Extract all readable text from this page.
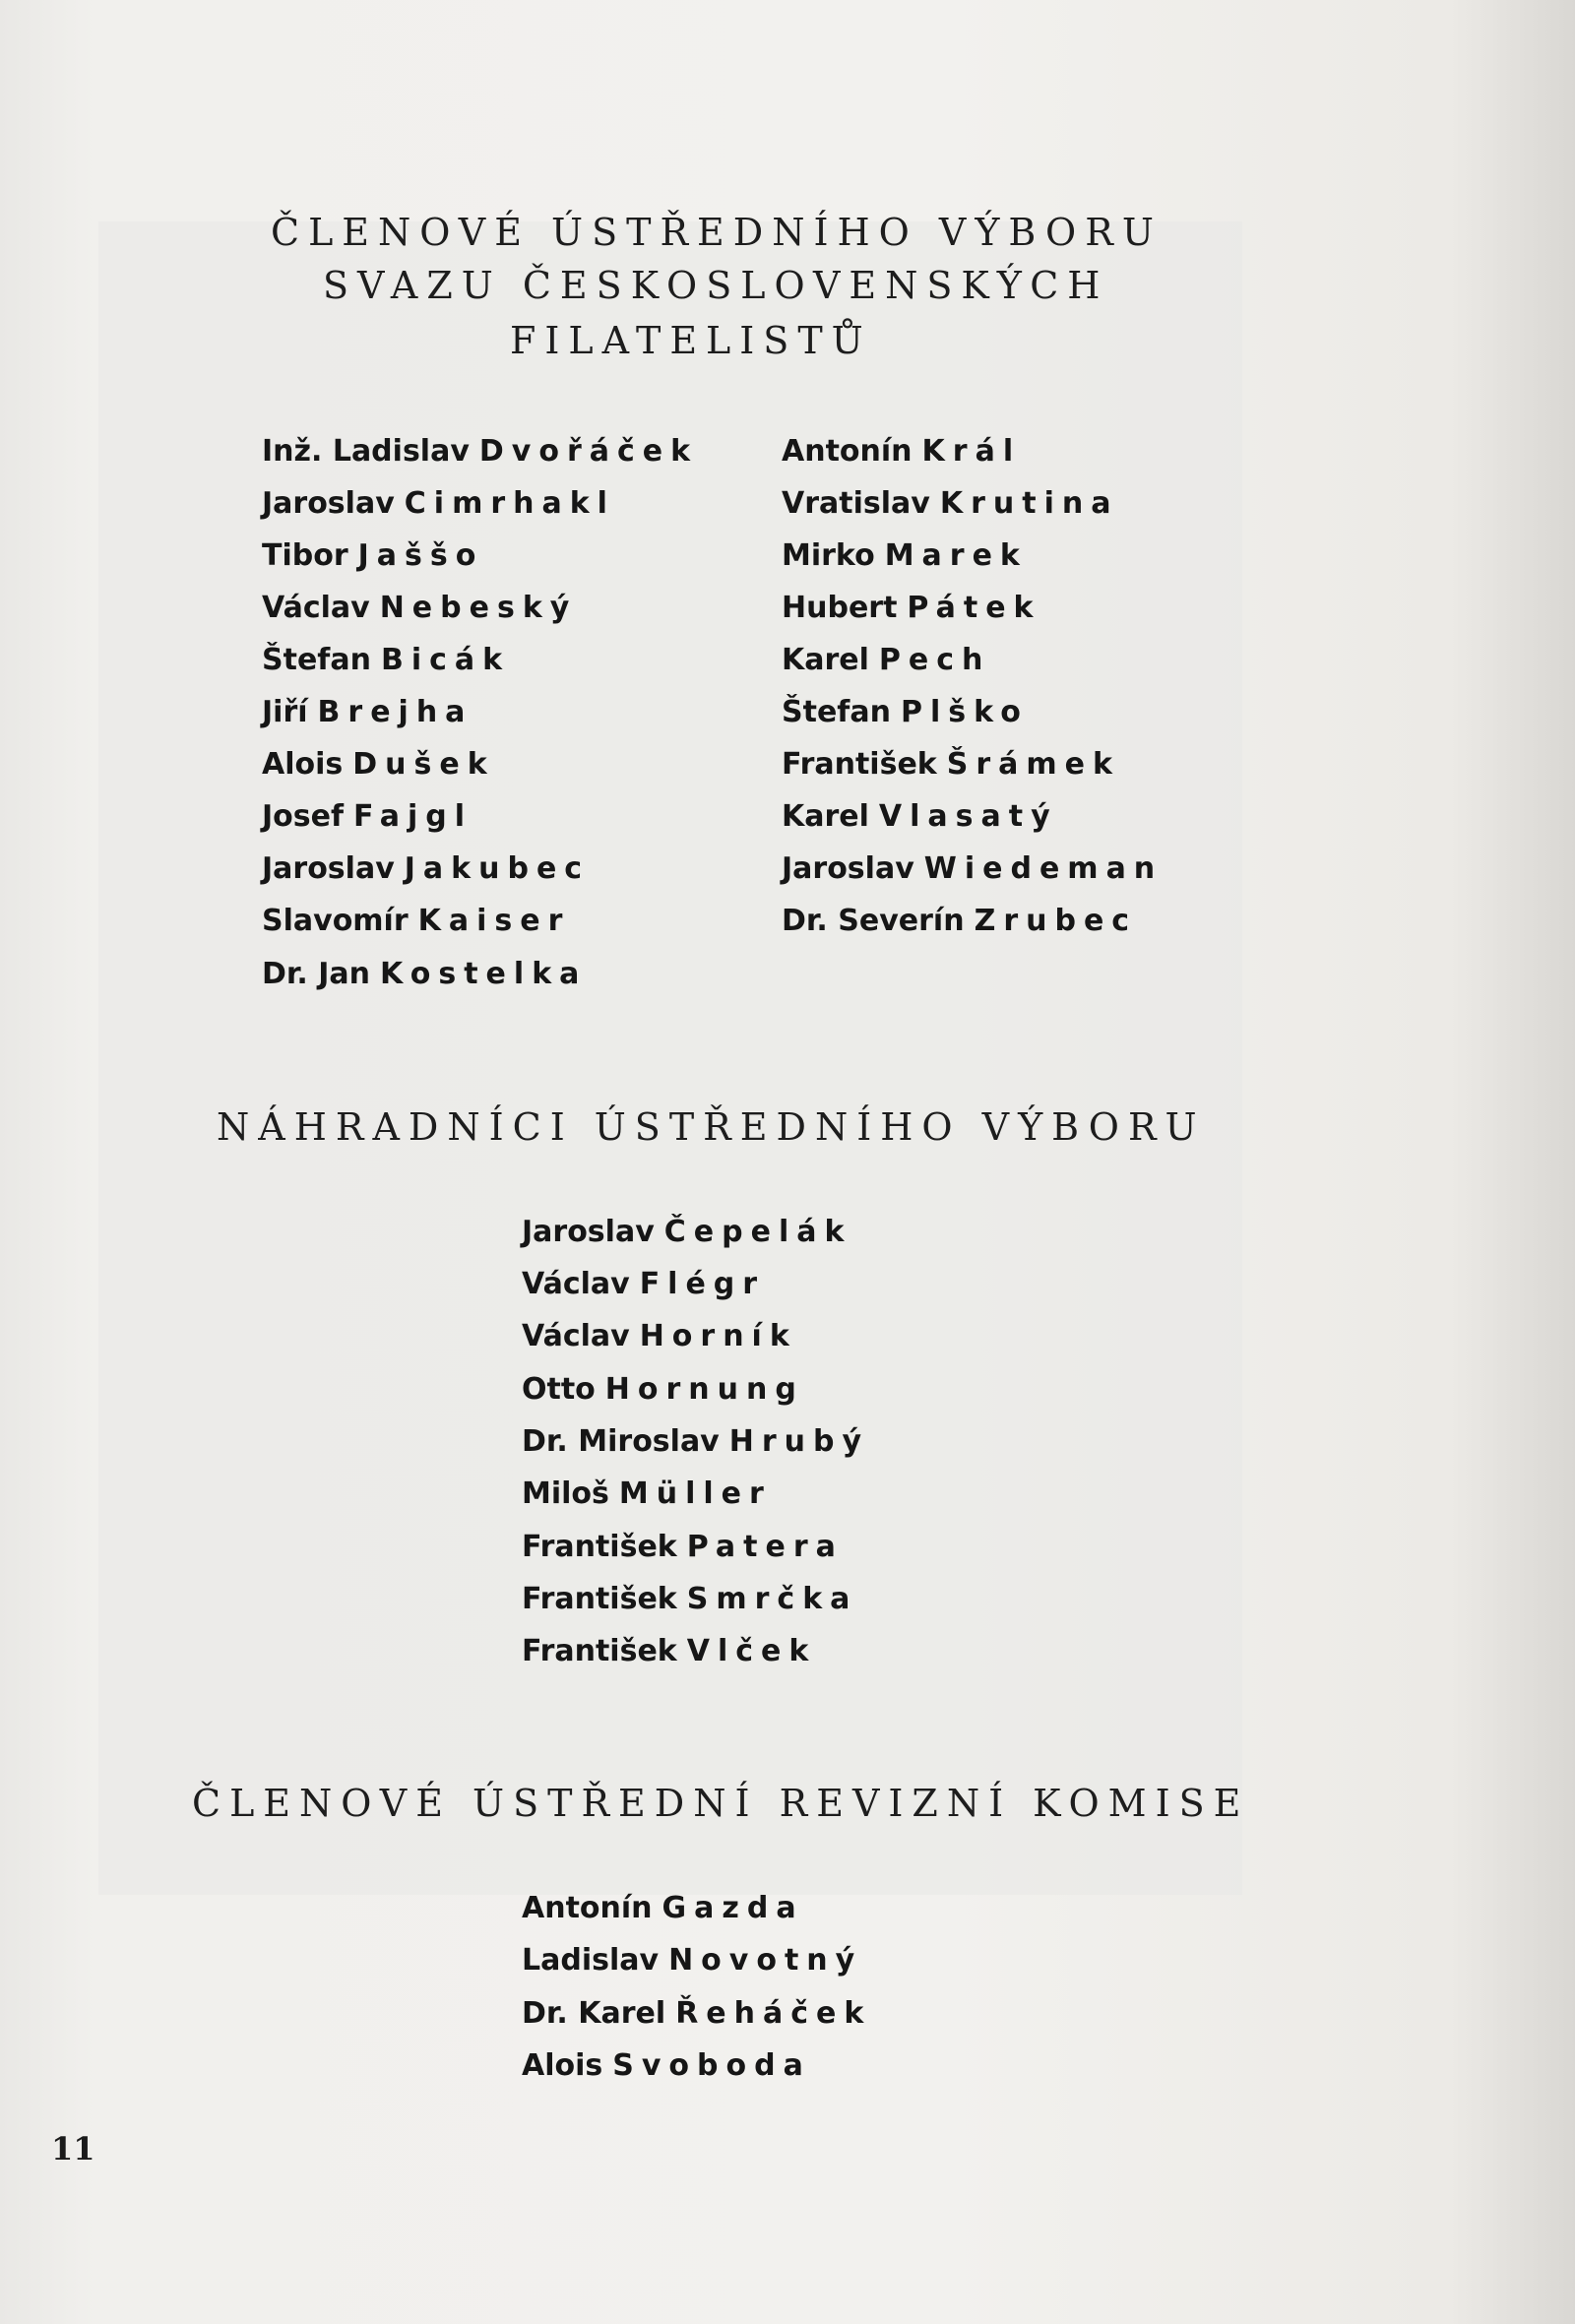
ČLENOVÉ ÚSTŘEDNÍHO VÝBORU
SVAZU ČESKOSLOVENSKÝCH
FILATELISTŮ
Inž. Ladislav Dvořáček
Jaroslav Cimrhakl
Tibor Jaššo
Václav Nebeský
Štefan Bicák
Jiří Brejha
Alois Dušek
Josef Fajgl
Jaroslav Jakubec
Slavomír Kaiser
Dr. Jan Kostelka
Antonín Král
Vratislav Krutina
Mirko Marek
Hubert Pátek
Karel Pech
Štefan Plško
František Šrámek
Karel Vlasatý
Jaroslav Wiedeman
Dr. Severín Zrubec
NÁHRADNÍCI ÚSTŘEDNÍHO VÝBORU
Jaroslav Čepelák
Václav Flégr
Václav Horník
Otto Hornung
Dr. Miroslav Hrubý
Miloš Müller
František Patera
František Smrčka
František Vlček
ČLENOVÉ ÚSTŘEDNÍ REVIZNÍ KOMISE
Antonín Gazda
Ladislav Novotný
Dr. Karel Řeháček
Alois Svoboda
11
